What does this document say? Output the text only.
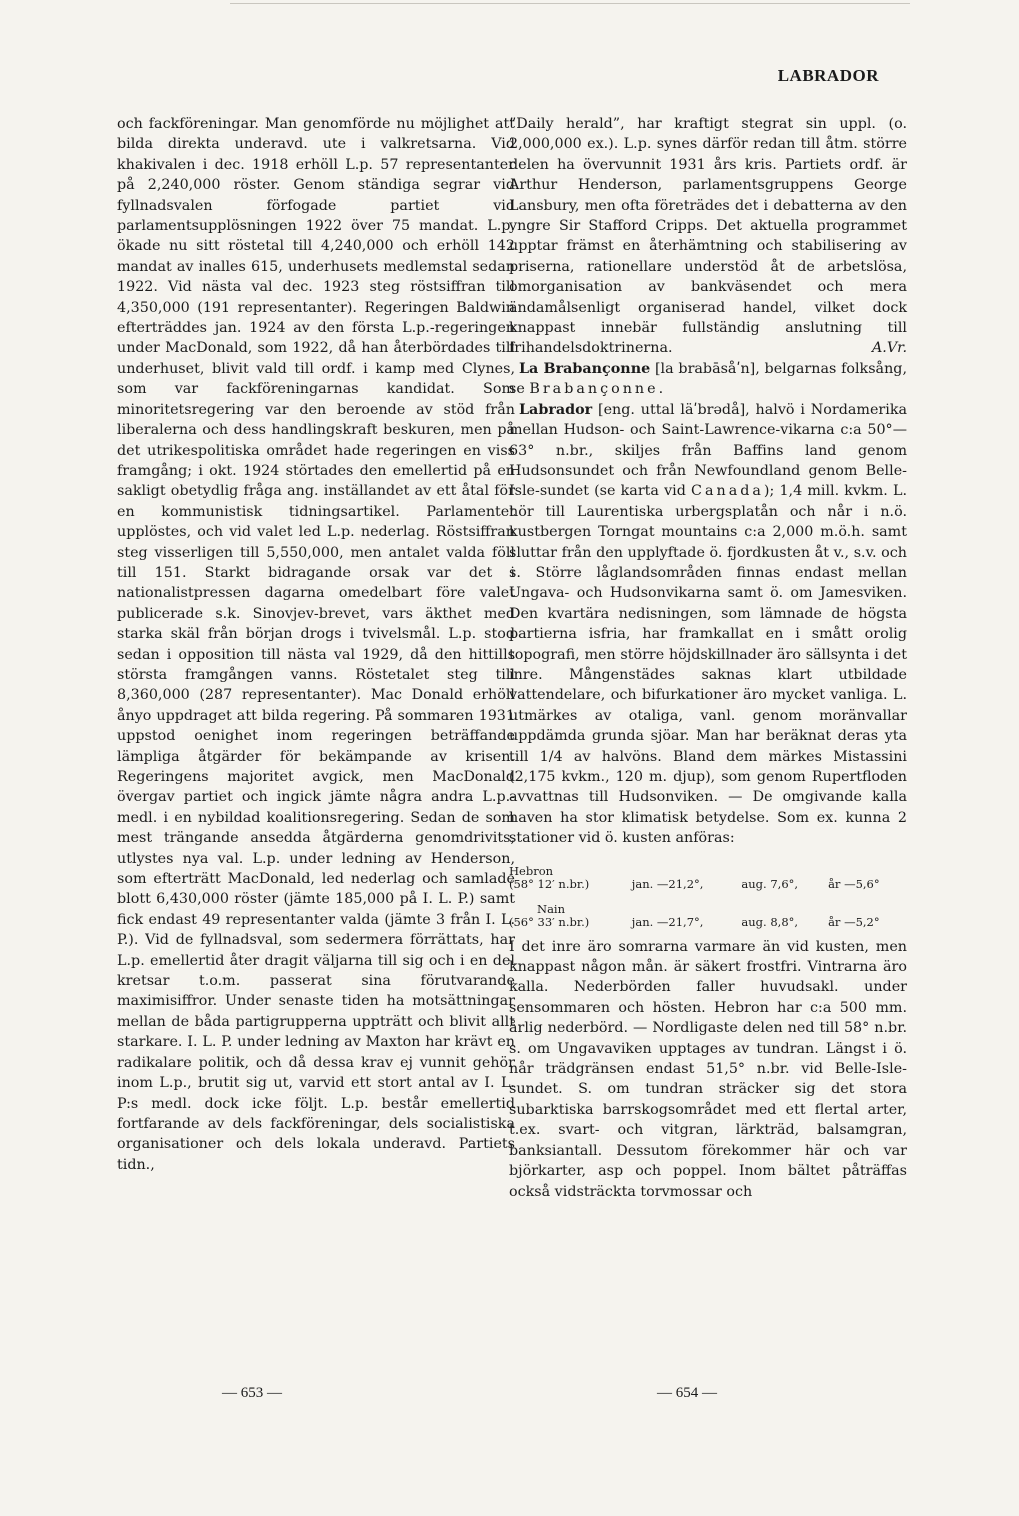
LABRADOR

och fackföreningar. Man genomförde nu möjlighet att bilda direkta underavd. ute i valkretsarna. Vid khakivalen i dec. 1918 erhöll L.p. 57 representanter på 2,240,000 röster. Genom ständiga segrar vid fyllnadsvalen förfogade partiet vid parlamentsupplösningen 1922 över 75 mandat. L.p. ökade nu sitt röstetal till 4,240,000 och erhöll 142 mandat av inalles 615, underhusets medlemstal sedan 1922. Vid nästa val dec. 1923 steg röstsiffran till 4,350,000 (191 representanter). Regeringen Baldwin efterträddes jan. 1924 av den första L.p.-regeringen under MacDonald, som 1922, då han återbördades till underhuset, blivit vald till ordf. i kamp med Clynes, som var fackföreningarnas kandidat. Som minoritetsregering var den beroende av stöd från liberalerna och dess handlingskraft beskuren, men på det utrikespolitiska området hade regeringen en viss framgång; i okt. 1924 störtades den emellertid på en sakligt obetydlig fråga ang. inställandet av ett åtal för en kommunistisk tidningsartikel. Parlamentet upplöstes, och vid valet led L.p. nederlag. Röstsiffran steg visserligen till 5,550,000, men antalet valda föll till 151. Starkt bidragande orsak var det i nationalistpressen dagarna omedelbart före valet publicerade s.k. Sinovjev-brevet, vars äkthet med starka skäl från början drogs i tvivelsmål. L.p. stod sedan i opposition till nästa val 1929, då den hittills största framgången vanns. Röstetalet steg till 8,360,000 (287 representanter). Mac Donald erhöll ånyo uppdraget att bilda regering. På sommaren 1931 uppstod oenighet inom regeringen beträffande lämpliga åtgärder för bekämpande av krisen. Regeringens majoritet avgick, men MacDonald övergav partiet och ingick jämte några andra L.p.-medl. i en nybildad koalitionsregering. Sedan de som mest trängande ansedda åtgärderna genomdrivits, utlystes nya val. L.p. under ledning av Henderson, som efterträtt MacDonald, led nederlag och samlade blott 6,430,000 röster (jämte 185,000 på I. L. P.) samt fick endast 49 representanter valda (jämte 3 från I. L. P.). Vid de fyllnadsval, som sedermera förrättats, har L.p. emellertid åter dragit väljarna till sig och i en del kretsar t.o.m. passerat sina förutvarande maximisiffror. Under senaste tiden ha motsättningar mellan de båda partigrupperna uppträtt och blivit allt starkare. I. L. P. under ledning av Maxton har krävt en radikalare politik, och då dessa krav ej vunnit gehör inom L.p., brutit sig ut, varvid ett stort antal av I. L. P:s medl. dock icke följt. L.p. består emellertid fortfarande av dels fackföreningar, dels socialistiska organisationer och dels lokala underavd. Partiets tidn.,

”Daily herald”, har kraftigt stegrat sin uppl. (o. 2,000,000 ex.). L.p. synes därför redan till åtm. större delen ha övervunnit 1931 års kris. Partiets ordf. är Arthur Henderson, parlamentsgruppens George Lansbury, men ofta företrädes det i debatterna av den yngre Sir Stafford Cripps. Det aktuella programmet upptar främst en återhämtning och stabilisering av priserna, rationellare understöd åt de arbetslösa, omorganisation av bankväsendet och mera ändamålsenligt organiserad handel, vilket dock knappast innebär fullständig anslutning till frihandelsdoktrinerna.	A.Vr.

La Brabançonne [la brabāsåʹn], belgarnas folksång, se Brabançonne.

Labrador [eng. uttal läʹbrədå], halvö i Nordamerika mellan Hudson- och Saint-Lawrence-vikarna c:a 50°—63° n.br., skiljes från Baffins land genom Hudsonsundet och från Newfoundland genom Belle-Isle-sundet (se karta vid Canada); 1,4 mill. kvkm. L. hör till Laurentiska urbergsplatån och når i n.ö. kustbergen Torngat mountains c:a 2,000 m.ö.h. samt sluttar från den upplyftade ö. fjordkusten åt v., s.v. och s. Större låglandsområden finnas endast mellan Ungava- och Hudsonvikarna samt ö. om Jamesviken. Den kvartära nedisningen, som lämnade de högsta partierna isfria, har framkallat en i smått orolig topografi, men större höjdskillnader äro sällsynta i det inre. Mångenstädes saknas klart utbildade vattendelare, och bifurkationer äro mycket vanliga. L. utmärkes av otaliga, vanl. genom moränvallar uppdämda grunda sjöar. Man har beräknat deras yta till 1/4 av halvöns. Bland dem märkes Mistassini (2,175 kvkm., 120 m. djup), som genom Rupertfloden avvattnas till Hudsonviken. — De omgivande kalla haven ha stor klimatisk betydelse. Som ex. kunna 2 stationer vid ö. kusten anföras:

Hebron			
(58° 12′ n.br.)	jan. —21,2°,	aug. 7,6°,	år —5,6°
Nain			
(56° 33′ n.br.)	jan. —21,7°,	aug. 8,8°,	år —5,2°

I det inre äro somrarna varmare än vid kusten, men knappast någon mån. är säkert frostfri. Vintrarna äro kalla. Nederbörden faller huvudsakl. under sensommaren och hösten. Hebron har c:a 500 mm. årlig nederbörd. — Nordligaste delen ned till 58° n.br. s. om Ungavaviken upptages av tundran. Längst i ö. når trädgränsen endast 51,5° n.br. vid Belle-Isle-sundet. S. om tundran sträcker sig det stora subarktiska barrskogsområdet med ett flertal arter, t.ex. svart- och vitgran, lärkträd, balsamgran, banksiantall. Dessutom förekommer här och var björkarter, asp och poppel. Inom bältet påträffas också vidsträckta torvmossar och

— 653 —	— 654 —
